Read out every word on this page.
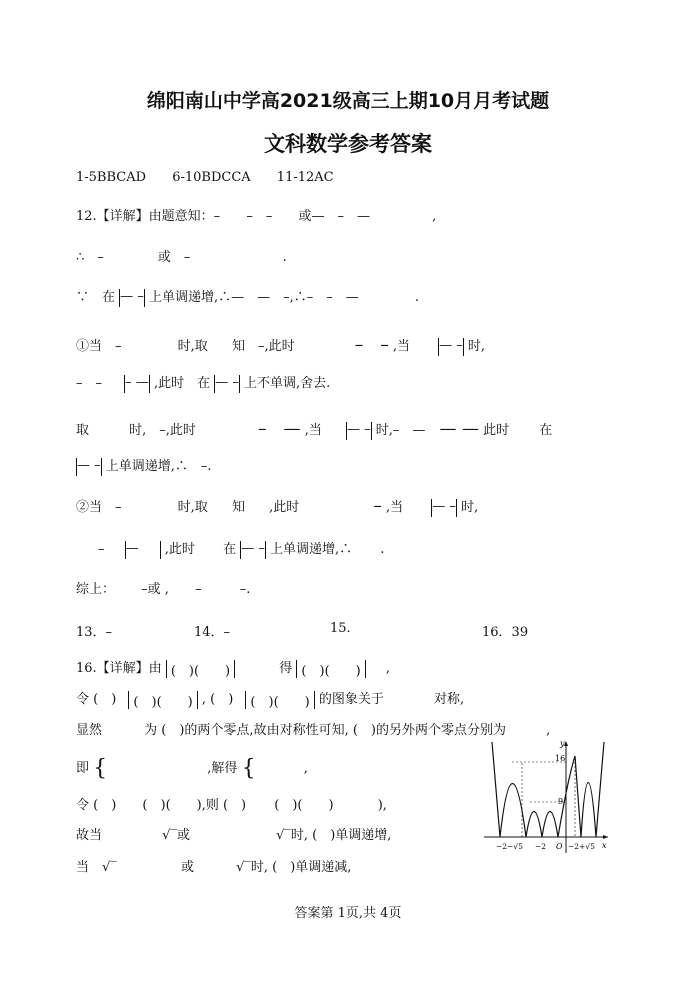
绵阳南山中学高2021级高三上期10月月考试题
文科数学参考答案
1-5BBCAD 6-10BDCCA 11-12AC
12.【详解】由题意知：– –　– 或—　–　—	,
∴　–	或　–	.
∵　在 — – 上单调递增,∴—　—　–,∴–　–　—	.
①当　–	时,取 知　–,此时	–　– ,当 — – 时,
–　– – — ,此时　在 — – 上不单调,舍去.
取	时,　–,此时	–　— ,当 — – 时,–　— — — 此时 在
— – 上单调递增,∴　–.
②当　–	时,取 知 ,此时	– ,当 — – 时,
– — ,此时 在 — – 上单调递增,∴ .
综上： –或 , –	–.
13．–	14．–	15.	16．39
16.【详解】由 (　)(　　)	得 (　)(　　) ,
令 (　) (　)(　　) , (　) (　)(　　) 的图象关于	对称,
显然	为 (　)的两个零点,故由对称性可知, (　)的另外两个零点分别为	,
即 {	,解得 {	,
令 (　) (　)(　　),则 (　) (　)(　　)	),
故当	√‾或	√‾时, (　)单调递增,
当　√‾	或	√‾时, (　)单调递减,
y
x
16
9
−2−√5 −2 O −2+√5
答案第 1页,共 4页
